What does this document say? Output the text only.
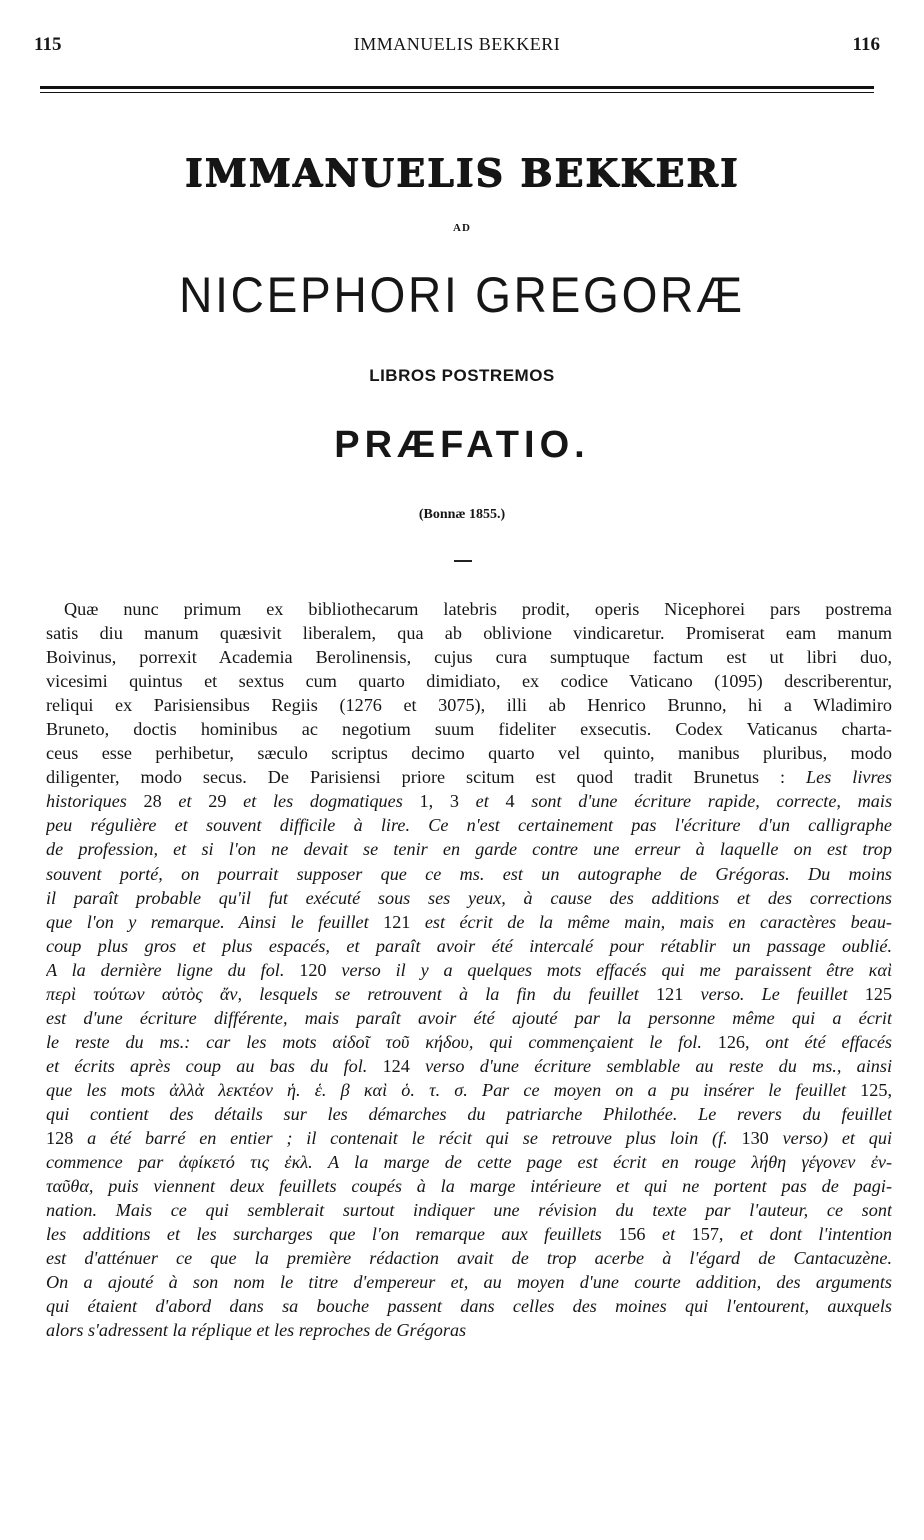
115	IMMANUELIS BEKKERI	116
IMMANUELIS BEKKERI
AD
NICEPHORI GREGORÆ
LIBROS POSTREMOS
PRÆFATIO.
(Bonnæ 1855.)
Quæ nunc primum ex bibliothecarum latebris prodit, operis Nicephorei pars postrema
satis diu manum quæsivit liberalem, qua ab oblivione vindicaretur. Promiserat eam manum
Boivinus, porrexit Academia Berolinensis, cujus cura sumptuque factum est ut libri duo,
vicesimi quintus et sextus cum quarto dimidiato, ex codice Vaticano (1095) describerentur,
reliqui ex Parisiensibus Regiis (1276 et 3075), illi ab Henrico Brunno, hi a Wladimiro
Bruneto, doctis hominibus ac negotium suum fideliter exsecutis. Codex Vaticanus charta-
ceus esse perhibetur, sæculo scriptus decimo quarto vel quinto, manibus pluribus, modo
diligenter, modo secus. De Parisiensi priore scitum est quod tradit Brunetus : Les livres
historiques 28 et 29 et les dogmatiques 1, 3 et 4 sont d'une écriture rapide, correcte, mais
peu régulière et souvent difficile à lire. Ce n'est certainement pas l'écriture d'un calligraphe
de profession, et si l'on ne devait se tenir en garde contre une erreur à laquelle on est trop
souvent porté, on pourrait supposer que ce ms. est un autographe de Grégoras. Du moins
il paraît probable qu'il fut exécuté sous ses yeux, à cause des additions et des corrections
que l'on y remarque. Ainsi le feuillet 121 est écrit de la même main, mais en caractères beau-
coup plus gros et plus espacés, et paraît avoir été intercalé pour rétablir un passage oublié.
A la dernière ligne du fol. 120 verso il y a quelques mots effacés qui me paraissent être καὶ
περὶ τούτων αὐτὸς ἄν, lesquels se retrouvent à la fin du feuillet 121 verso. Le feuillet 125
est d'une écriture différente, mais paraît avoir été ajouté par la personne même qui a écrit
le reste du ms.: car les mots αἰδοῖ τοῦ κήδου, qui commençaient le fol. 126, ont été effacés
et écrits après coup au bas du fol. 124 verso d'une écriture semblable au reste du ms., ainsi
que les mots ἀλλὰ λεκτέον ἡ. ἑ. β καὶ ὁ. τ. σ. Par ce moyen on a pu insérer le feuillet 125,
qui contient des détails sur les démarches du patriarche Philothée. Le revers du feuillet
128 a été barré en entier ; il contenait le récit qui se retrouve plus loin (f. 130 verso) et qui
commence par ἀφίκετό τις ἐκλ. A la marge de cette page est écrit en rouge λήθη γέγονεν ἐν-
ταῦθα, puis viennent deux feuillets coupés à la marge intérieure et qui ne portent pas de pagi-
nation. Mais ce qui semblerait surtout indiquer une révision du texte par l'auteur, ce sont
les additions et les surcharges que l'on remarque aux feuillets 156 et 157, et dont l'intention
est d'atténuer ce que la première rédaction avait de trop acerbe à l'égard de Cantacuzène.
On a ajouté à son nom le titre d'empereur et, au moyen d'une courte addition, des arguments
qui étaient d'abord dans sa bouche passent dans celles des moines qui l'entourent, auxquels
alors s'adressent la réplique et les reproches de Grégoras
